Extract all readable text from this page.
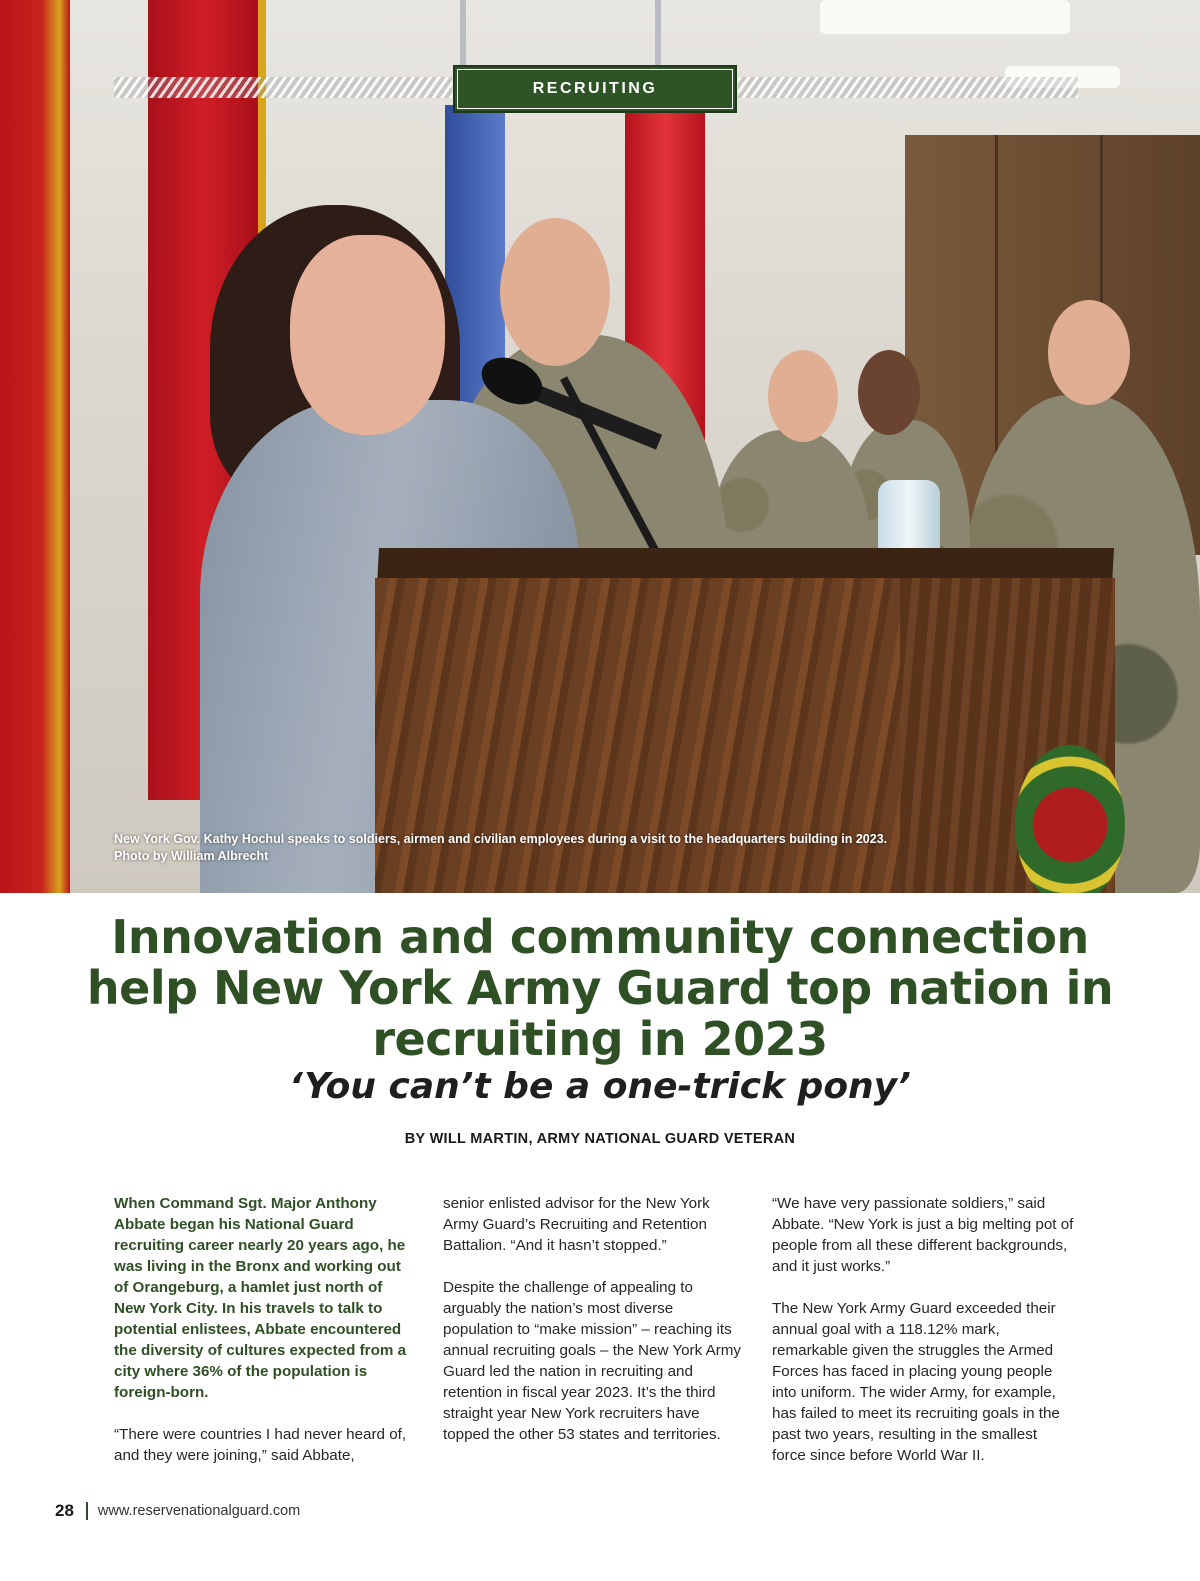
New York Gov. Kathy Hochul speaks to soldiers, airmen and civilian employees during a visit to the headquarters building in 2023.
Photo by William Albrecht
RECRUITING
Innovation and community connection help New York Army Guard top nation in recruiting in 2023
‘You can’t be a one-trick pony’
BY WILL MARTIN, ARMY NATIONAL GUARD VETERAN

When Command Sgt. Major Anthony Abbate began his National Guard recruiting career nearly 20 years ago, he was living in the Bronx and working out of Orangeburg, a hamlet just north of New York City. In his travels to talk to potential enlistees, Abbate encountered the diversity of cultures expected from a city where 36% of the population is foreign-born.

“There were countries I had never heard of, and they were joining,” said Abbate,

senior enlisted advisor for the New York Army Guard’s Recruiting and Retention Battalion. “And it hasn’t stopped.”

Despite the challenge of appealing to arguably the nation’s most diverse population to “make mission” – reaching its annual recruiting goals – the New York Army Guard led the nation in recruiting and retention in fiscal year 2023. It’s the third straight year New York recruiters have topped the other 53 states and territories.

“We have very passionate soldiers,” said Abbate. “New York is just a big melting pot of people from all these different backgrounds, and it just works.”

The New York Army Guard exceeded their annual goal with a 118.12% mark, remarkable given the struggles the Armed Forces has faced in placing young people into uniform. The wider Army, for example, has failed to meet its recruiting goals in the past two years, resulting in the smallest force since before World War II.

28 www.reservenationalguard.com
